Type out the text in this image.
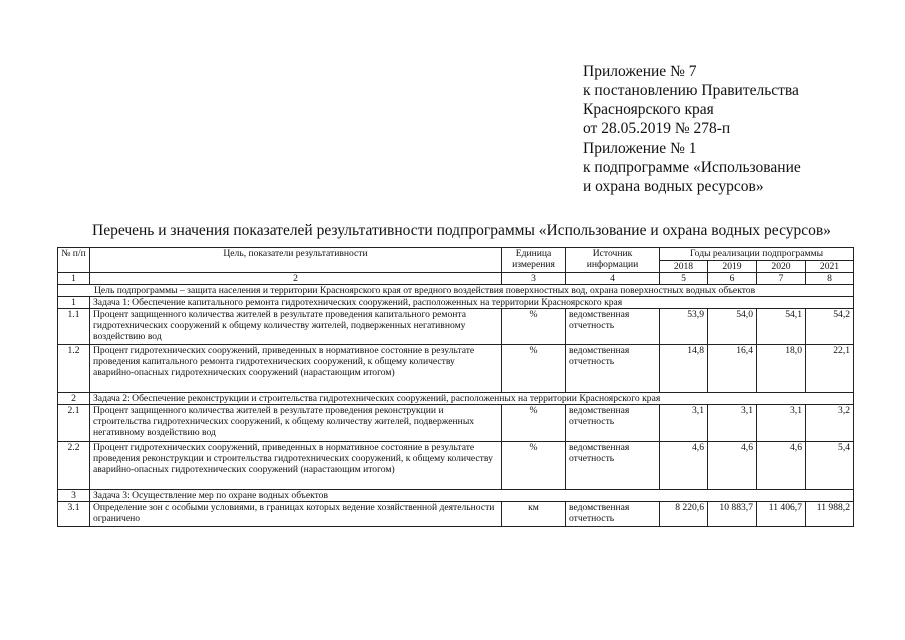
Приложение № 7
к постановлению Правительства
Красноярского края
от 28.05.2019 № 278-п
Приложение № 1
к подпрограмме «Использование
и охрана водных ресурсов»
Перечень и значения показателей результативности подпрограммы «Использование и охрана водных ресурсов»
№ п/п	Цель, показатели результативности	Единица измерения	Источник информации	Годы реализации подпрограммы			
				2018	2019	2020	2021
1	2	3	4	5	6	7	8
Цель подпрограммы – защита населения и территории Красноярского края от вредного воздействия поверхностных вод, охрана поверхностных водных объектов							
1	Задача 1: Обеспечение капитального ремонта гидротехнических сооружений, расположенных на территории Красноярского края						
1.1	Процент защищенного количества жителей в результате проведения капитального ремонта гидротехнических сооружений к общему количеству жителей, подверженных негативному воздействию вод	%	ведомственная отчетность	53,9	54,0	54,1	54,2
1.2	Процент гидротехнических сооружений, приведенных в нормативное состояние в результате проведения капитального ремонта гидротехнических сооружений, к общему количеству аварийно-опасных гидротехнических сооружений (нарастающим итогом)	%	ведомственная отчетность	14,8	16,4	18,0	22,1
2	Задача 2: Обеспечение реконструкции и строительства гидротехнических сооружений, расположенных на территории Красноярского края						
2.1	Процент защищенного количества жителей в результате проведения реконструкции и строительства гидротехнических сооружений, к общему количеству жителей, подверженных негативному воздействию вод	%	ведомственная отчетность	3,1	3,1	3,1	3,2
2.2	Процент гидротехнических сооружений, приведенных в нормативное состояние в результате проведения реконструкции и строительства гидротехнических сооружений, к общему количеству аварийно-опасных гидротехнических сооружений (нарастающим итогом)	%	ведомственная отчетность	4,6	4,6	4,6	5,4
3	Задача 3: Осуществление мер по охране водных объектов						
3.1	Определение зон с особыми условиями, в границах которых ведение хозяйственной деятельности ограничено	км	ведомственная отчетность	8 220,6	10 883,7	11 406,7	11 988,2
